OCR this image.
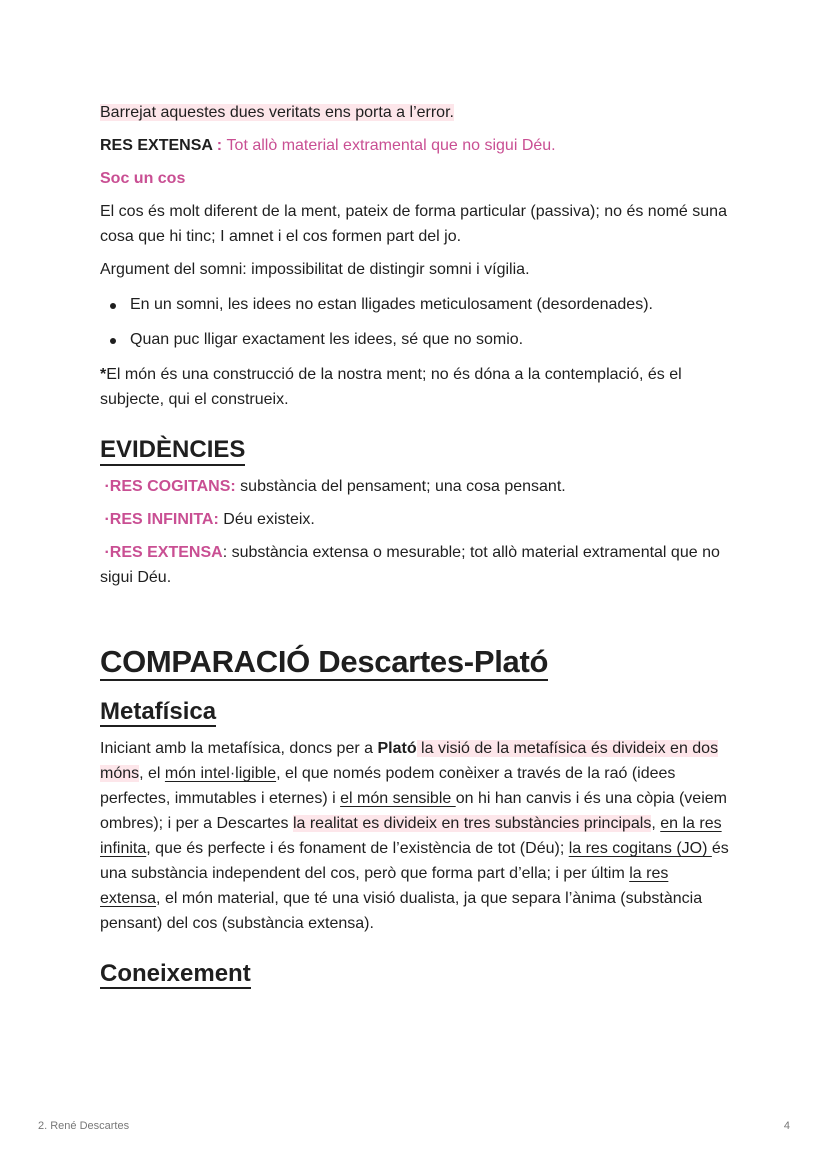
Barrejat aquestes dues veritats ens porta a l’error.

RES EXTENSA : Tot allò material extramental que no sigui Déu.

Soc un cos

El cos és molt diferent de la ment, pateix de forma particular (passiva); no és nomé suna cosa que hi tinc; I amnet i el cos formen part del jo.

Argument del somni: impossibilitat de distingir somni i vígilia.

En un somni, les idees no estan lligades meticulosament (desordenades).
Quan puc lligar exactament les idees, sé que no somio.

*El món és una construcció de la nostra ment; no és dóna a la contemplació, és el subjecte, qui el construeix.

EVIDÈNCIES

·RES COGITANS: substància del pensament; una cosa pensant.

·RES INFINITA: Déu existeix.

·RES EXTENSA: substància extensa o mesurable; tot allò material extramental que no sigui Déu.

COMPARACIÓ Descartes-Plató
Metafísica

Iniciant amb la metafísica, doncs per a Plató la visió de la metafísica és divideix en dos móns, el món intel·ligible, el que només podem conèixer a través de la raó (idees perfectes, immutables i eternes) i el món sensible on hi han canvis i és una còpia (veiem ombres); i per a Descartes la realitat es divideix en tres substàncies principals, en la res infinita, que és perfecte i és fonament de l’existència de tot (Déu); la res cogitans (JO) és una substància independent del cos, però que forma part d’ella; i per últim la res extensa, el món material, que té una visió dualista, ja que separa l’ànima (substància pensant) del cos (substància extensa).

Coneixement
2. René Descartes	4
